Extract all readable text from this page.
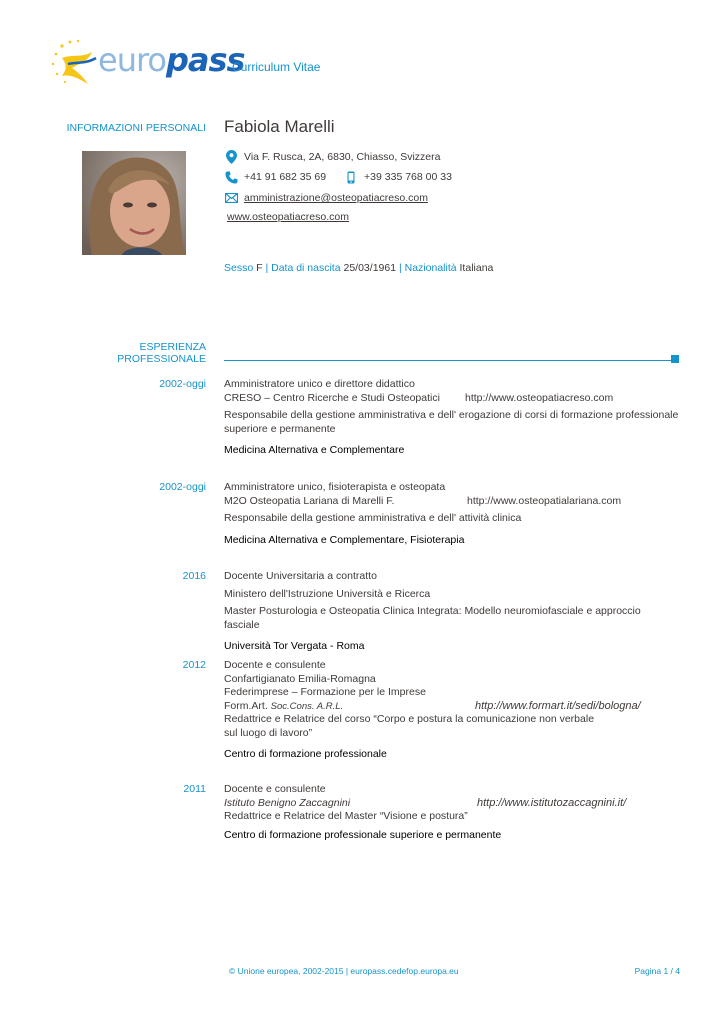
europass
Curriculum Vitae
INFORMAZIONI PERSONALI Fabiola Marelli
Via F. Rusca, 2A, 6830, Chiasso, Svizzera
+41 91 682 35 69	+39 335 768 00 33
amministrazione@osteopatiacreso.com
www.osteopatiacreso.com
Sesso F | Data di nascita 25/03/1961 | Nazionalità Italiana
ESPERIENZA
PROFESSIONALE
2002-oggi Amministratore unico e direttore didattico
CRESO – Centro Ricerche e Studi Osteopatici http://www.osteopatiacreso.com
Responsabile della gestione amministrativa e dell' erogazione di corsi di formazione professionale superiore e permanente
Medicina Alternativa e Complementare
2002-oggi Amministratore unico, fisioterapista e osteopata
M2O Osteopatia Lariana di Marelli F.	http://www.osteopatialariana.com
Responsabile della gestione amministrativa e dell' attività clinica
Medicina Alternativa e Complementare, Fisioterapia
2016 Docente Universitaria a contratto
Ministero dell'Istruzione Università e Ricerca
Master Posturologia e Osteopatia Clinica Integrata: Modello neuromiofasciale e approccio fasciale
Università Tor Vergata - Roma
2012 Docente e consulente
Confartigianato Emilia-Romagna
Federimprese – Formazione per le Imprese
Form.Art.
Soc.Cons. A.R.L.	http://www.formart.it/sedi/bologna/
Redattrice e Relatrice del corso “Corpo e postura la comunicazione non verbale sul luogo di lavoro”
Centro di formazione professionale
2011 Docente e consulente
Istituto Benigno Zaccagnini	http://www.istitutozaccagnini.it/
Redattrice e Relatrice del Master “Visione e postura”
Centro di formazione professionale superiore e permanente
© Unione europea, 2002-2015 | europass.cedefop.europa.eu	Pagina 1 / 4
